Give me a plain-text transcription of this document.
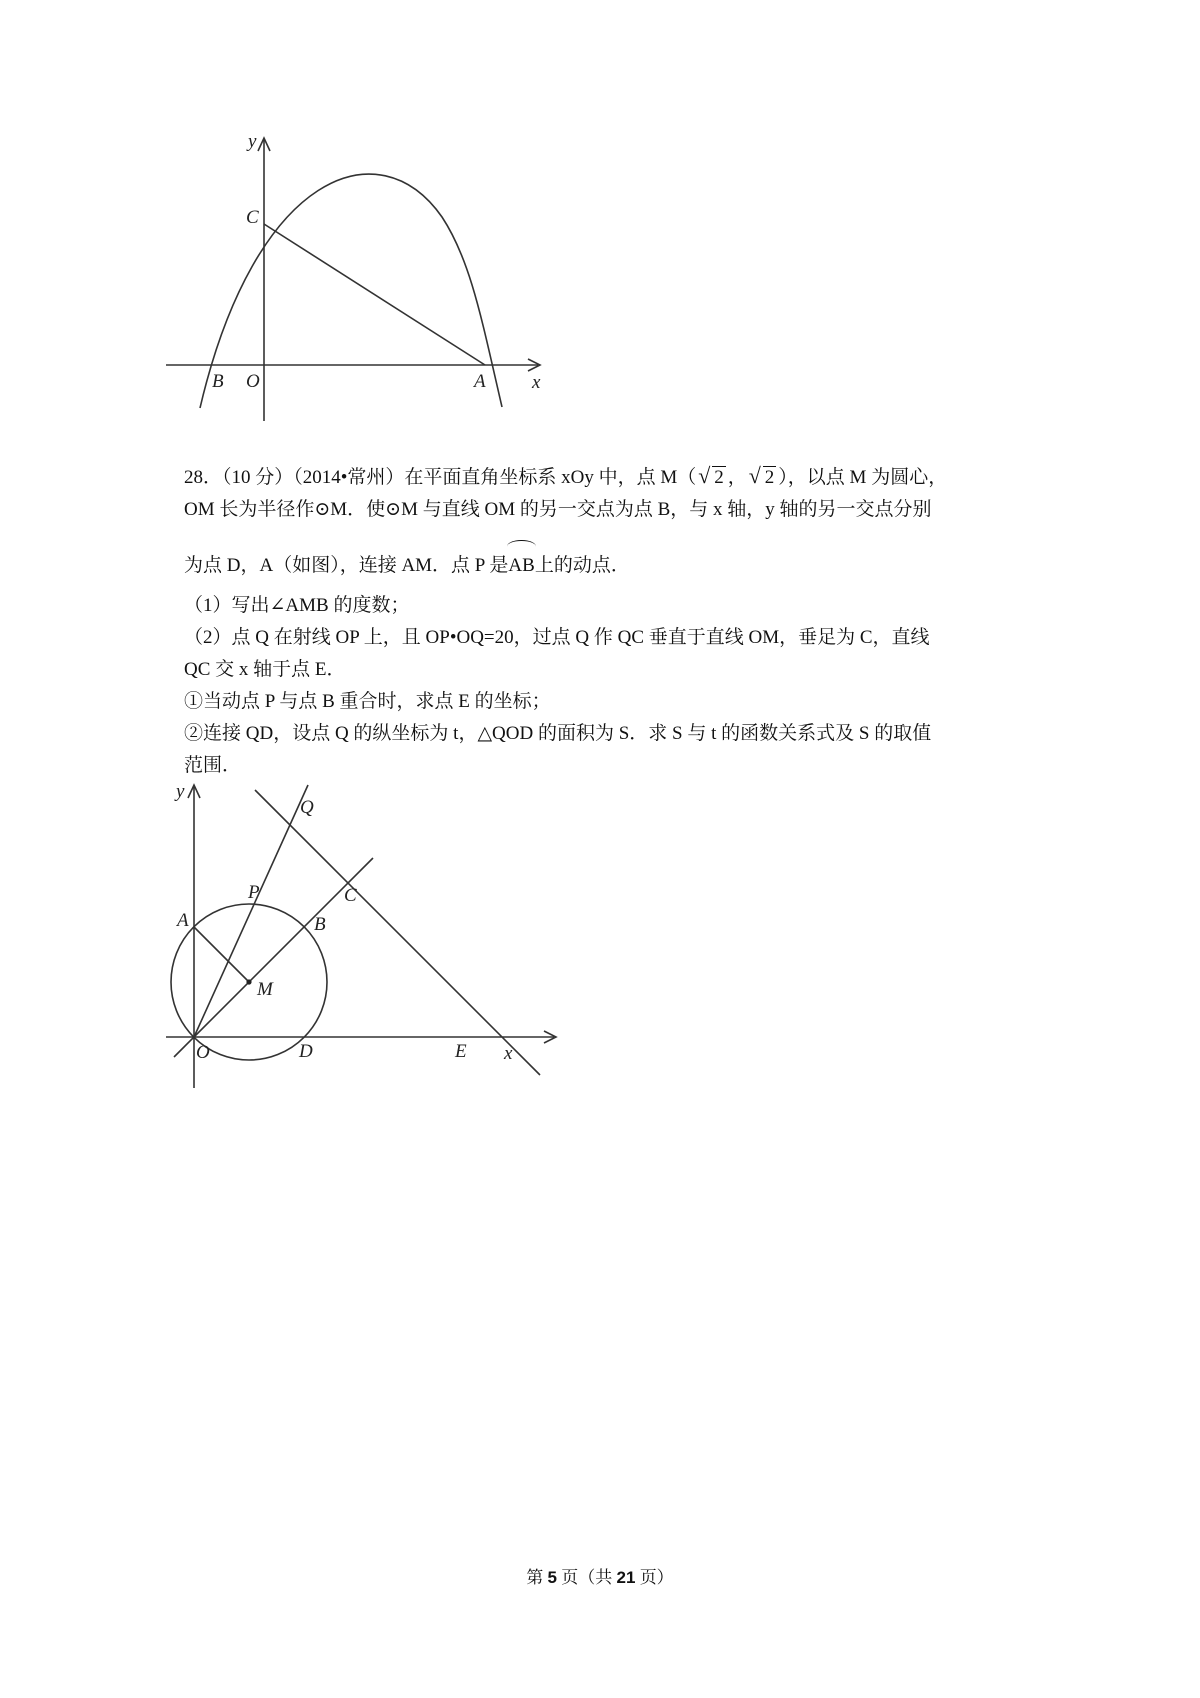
y
x
C
B O	A

28．（10 分）（2014•常州）在平面直角坐标系 xOy 中，点 M（ √ 2 ， √ 2 ），以点 M 为圆心，

OM 长为半径作⊙M．使⊙M 与直线 OM 的另一交点为点 B，与 x 轴，y 轴的另一交点分别

为点 D，A（如图），连接 AM．点 P 是AB上的动点．

（1）写出∠AMB 的度数；

（2）点 Q 在射线 OP 上，且 OP•OQ=20，过点 Q 作 QC 垂直于直线 OM，垂足为 C，直线

QC 交 x 轴于点 E．

①当动点 P 与点 B 重合时，求点 E 的坐标；

②连接 QD，设点 Q 的纵坐标为 t，△QOD 的面积为 S．求 S 与 t 的函数关系式及 S 的取值

范围．

y
x
Q
P	C
A	B
M
O	D	E
第 5 页（共 21 页）
